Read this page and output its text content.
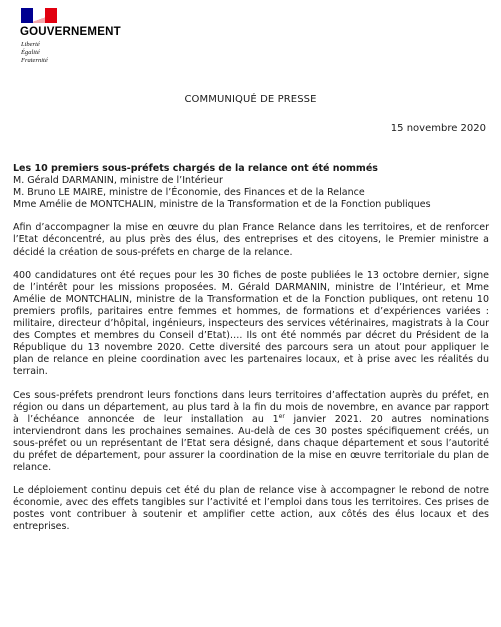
GOUVERNEMENT
Liberté
Égalité
Fraternité
COMMUNIQUÉ DE PRESSE
15 novembre 2020

Les 10 premiers sous-préfets chargés de la relance ont été nommés

M. Gérald DARMANIN, ministre de l’Intérieur

M. Bruno LE MAIRE, ministre de l’Économie, des Finances et de la Relance

Mme Amélie de MONTCHALIN, ministre de la Transformation et de la Fonction publiques

Afin d’accompagner la mise en œuvre du plan France Relance dans les territoires, et de renforcer l’Etat déconcentré, au plus près des élus, des entreprises et des citoyens, le Premier ministre a décidé la création de sous-préfets en charge de la relance.

400 candidatures ont été reçues pour les 30 fiches de poste publiées le 13 octobre dernier, signe de l’intérêt pour les missions proposées. M. Gérald DARMANIN, ministre de l’Intérieur, et Mme Amélie de MONTCHALIN, ministre de la Transformation et de la Fonction publiques, ont retenu 10 premiers profils, paritaires entre femmes et hommes, de formations et d’expériences variées : militaire, directeur d’hôpital, ingénieurs, inspecteurs des services vétérinaires, magistrats à la Cour des Comptes et membres du Conseil d’Etat)…. Ils ont été nommés par décret du Président de la République du 13 novembre 2020. Cette diversité des parcours sera un atout pour appliquer le plan de relance en pleine coordination avec les partenaires locaux, et à prise avec les réalités du terrain.

Ces sous-préfets prendront leurs fonctions dans leurs territoires d’affectation auprès du préfet, en région ou dans un département, au plus tard à la fin du mois de novembre, en avance par rapport à l’échéance annoncée de leur installation au 1er janvier 2021. 20 autres nominations interviendront dans les prochaines semaines. Au-delà de ces 30 postes spécifiquement créés, un sous-préfet ou un représentant de l’Etat sera désigné, dans chaque département et sous l’autorité du préfet de département, pour assurer la coordination de la mise en œuvre territoriale du plan de relance.

Le déploiement continu depuis cet été du plan de relance vise à accompagner le rebond de notre économie, avec des effets tangibles sur l’activité et l’emploi dans tous les territoires. Ces prises de postes vont contribuer à soutenir et amplifier cette action, aux côtés des élus locaux et des entreprises.
